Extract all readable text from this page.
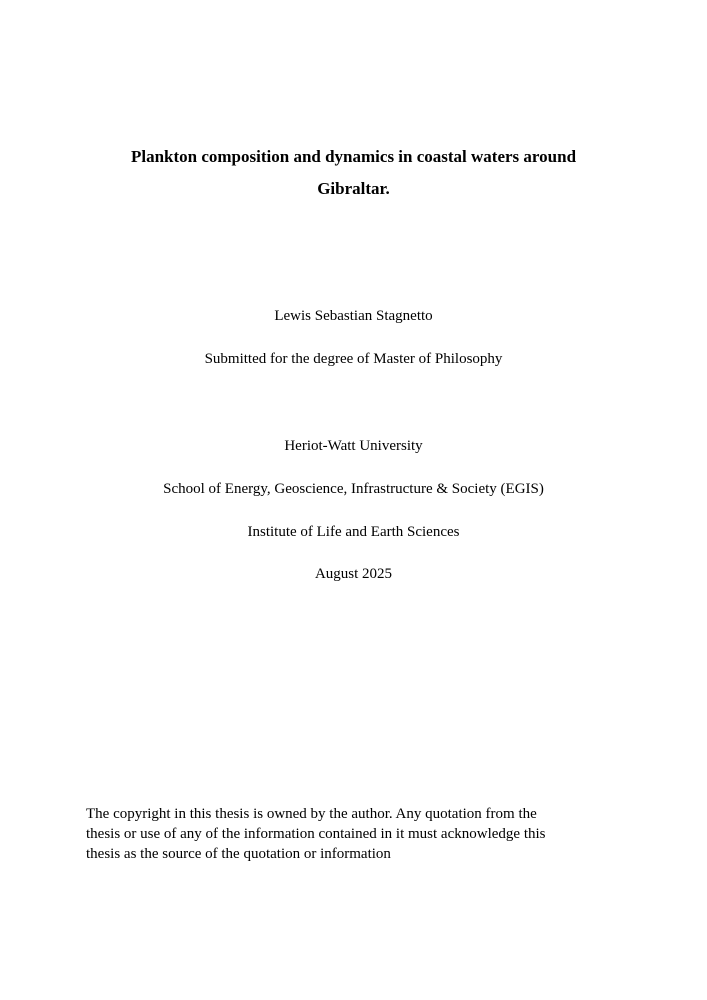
Plankton composition and dynamics in coastal waters around
Gibraltar.
Lewis Sebastian Stagnetto
Submitted for the degree of Master of Philosophy
Heriot-Watt University
School of Energy, Geoscience, Infrastructure & Society (EGIS)
Institute of Life and Earth Sciences
August 2025
The copyright in this thesis is owned by the author. Any quotation from the
thesis or use of any of the information contained in it must acknowledge this
thesis as the source of the quotation or information
